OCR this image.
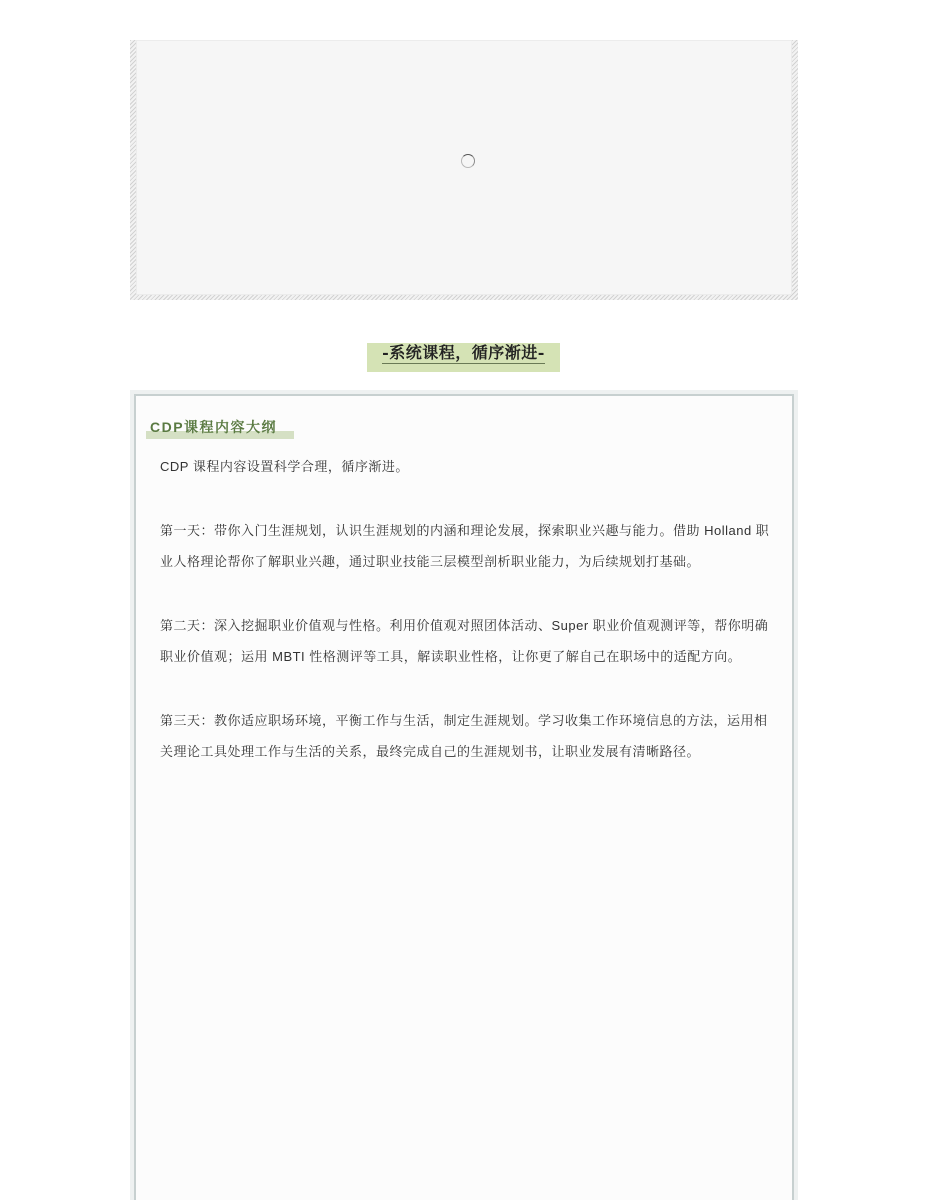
-系统课程，循序渐进-
CDP课程内容大纲

CDP 课程内容设置科学合理，循序渐进。

第一天：带你入门生涯规划，认识生涯规划的内涵和理论发展，探索职业兴趣与能力。借助 Holland 职业人格理论帮你了解职业兴趣，通过职业技能三层模型剖析职业能力，为后续规划打基础。

第二天：深入挖掘职业价值观与性格。利用价值观对照团体活动、Super 职业价值观测评等，帮你明确职业价值观；运用 MBTI 性格测评等工具，解读职业性格，让你更了解自己在职场中的适配方向。

第三天：教你适应职场环境，平衡工作与生活，制定生涯规划。学习收集工作环境信息的方法，运用相关理论工具处理工作与生活的关系，最终完成自己的生涯规划书，让职业发展有清晰路径。
